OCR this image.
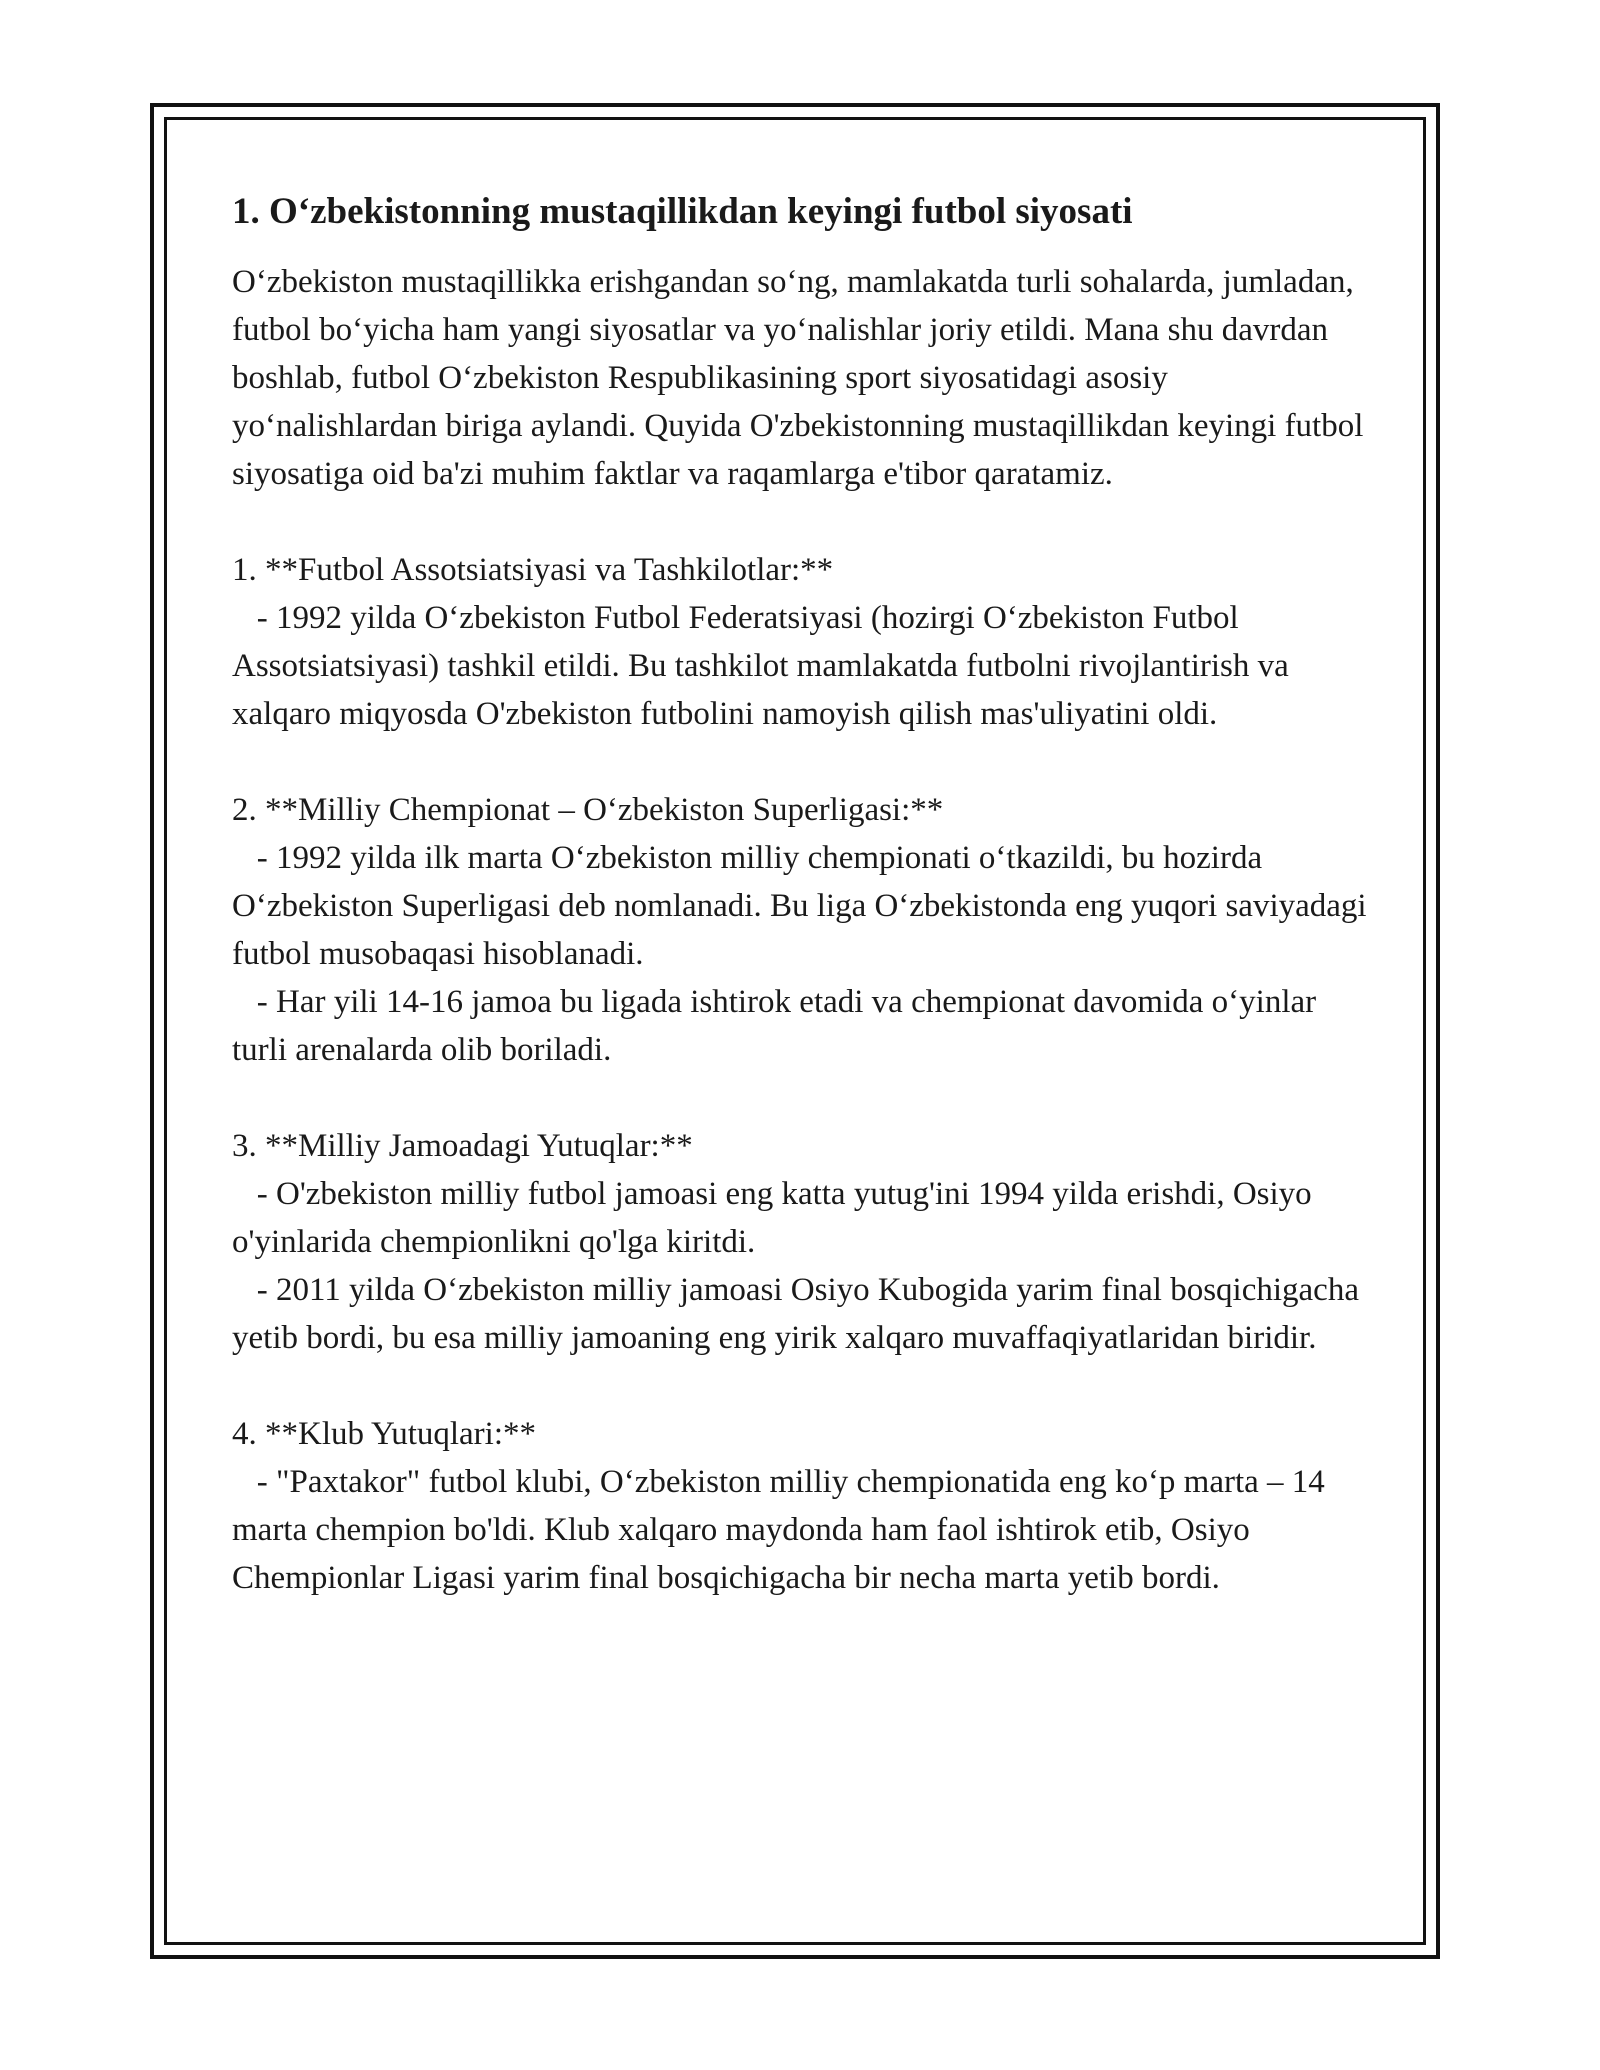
1. O‘zbekistonning mustaqillikdan keyingi futbol siyosati

O‘zbekiston mustaqillikka erishgandan so‘ng, mamlakatda turli sohalarda, jumladan, futbol bo‘yicha ham yangi siyosatlar va yo‘nalishlar joriy etildi. Mana shu davrdan boshlab, futbol O‘zbekiston Respublikasining sport siyosatidagi asosiy yo‘nalishlardan biriga aylandi. Quyida O'zbekistonning mustaqillikdan keyingi futbol siyosatiga oid ba'zi muhim faktlar va raqamlarga e'tibor qaratamiz.

1. **Futbol Assotsiatsiyasi va Tashkilotlar:**

- 1992 yilda O‘zbekiston Futbol Federatsiyasi (hozirgi O‘zbekiston Futbol Assotsiatsiyasi) tashkil etildi. Bu tashkilot mamlakatda futbolni rivojlantirish va xalqaro miqyosda O'zbekiston futbolini namoyish qilish mas'uliyatini oldi.

2. **Milliy Chempionat – O‘zbekiston Superligasi:**

- 1992 yilda ilk marta O‘zbekiston milliy chempionati o‘tkazildi, bu hozirda O‘zbekiston Superligasi deb nomlanadi. Bu liga O‘zbekistonda eng yuqori saviyadagi futbol musobaqasi hisoblanadi.

- Har yili 14-16 jamoa bu ligada ishtirok etadi va chempionat davomida o‘yinlar turli arenalarda olib boriladi.

3. **Milliy Jamoadagi Yutuqlar:**

- O'zbekiston milliy futbol jamoasi eng katta yutug'ini 1994 yilda erishdi, Osiyo o'yinlarida chempionlikni qo'lga kiritdi.

- 2011 yilda O‘zbekiston milliy jamoasi Osiyo Kubogida yarim final bosqichigacha yetib bordi, bu esa milliy jamoaning eng yirik xalqaro muvaffaqiyatlaridan biridir.

4. **Klub Yutuqlari:**

- "Paxtakor" futbol klubi, O‘zbekiston milliy chempionatida eng ko‘p marta – 14 marta chempion bo'ldi. Klub xalqaro maydonda ham faol ishtirok etib, Osiyo Chempionlar Ligasi yarim final bosqichigacha bir necha marta yetib bordi.
